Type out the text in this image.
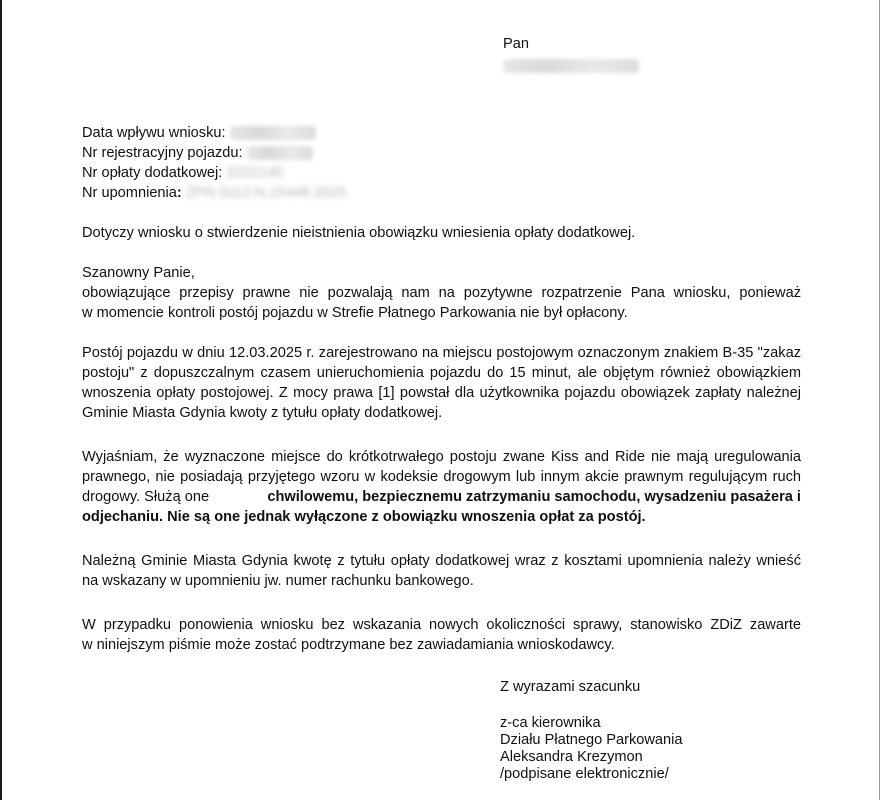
Pan
Data wpływu wniosku:
Nr rejestracyjny pojazdu:
Nr opłaty dodatkowej: 2222145
Nr upomnienia: ZPN.3112.N.15446.2025
Dotyczy wniosku o stwierdzenie nieistnienia obowiązku wniesienia opłaty dodatkowej.
Szanowny Panie,
obowiązujące przepisy prawne nie pozwalają nam na pozytywne rozpatrzenie Pana wniosku, ponieważ
w momencie kontroli postój pojazdu w Strefie Płatnego Parkowania nie był opłacony.
Postój pojazdu w dniu 12.03.2025 r. zarejestrowano na miejscu postojowym oznaczonym znakiem B-35 "zakaz
postoju" z dopuszczalnym czasem unieruchomienia pojazdu do 15 minut, ale objętym również obowiązkiem
wnoszenia opłaty postojowej. Z mocy prawa [1] powstał dla użytkownika pojazdu obowiązek zapłaty należnej
Gminie Miasta Gdynia kwoty z tytułu opłaty dodatkowej.
Wyjaśniam, że wyznaczone miejsce do krótkotrwałego postoju zwane Kiss and Ride nie mają uregulowania
prawnego, nie posiadają przyjętego wzoru w kodeksie drogowym lub innym akcie prawnym regulującym ruch
drogowy. Służą one	chwilowemu, bezpiecznemu zatrzymaniu samochodu, wysadzeniu pasażera i
odjechaniu. Nie są one jednak wyłączone z obowiązku wnoszenia opłat za postój.
Należną Gminie Miasta Gdynia kwotę z tytułu opłaty dodatkowej wraz z kosztami upomnienia należy wnieść
na wskazany w upomnieniu jw. numer rachunku bankowego.
W przypadku ponowienia wniosku bez wskazania nowych okoliczności sprawy, stanowisko ZDiZ zawarte
w niniejszym piśmie może zostać podtrzymane bez zawiadamiania wnioskodawcy.
Z wyrazami szacunku
z-ca kierownika
Działu Płatnego Parkowania
Aleksandra Krezymon
/podpisane elektronicznie/
